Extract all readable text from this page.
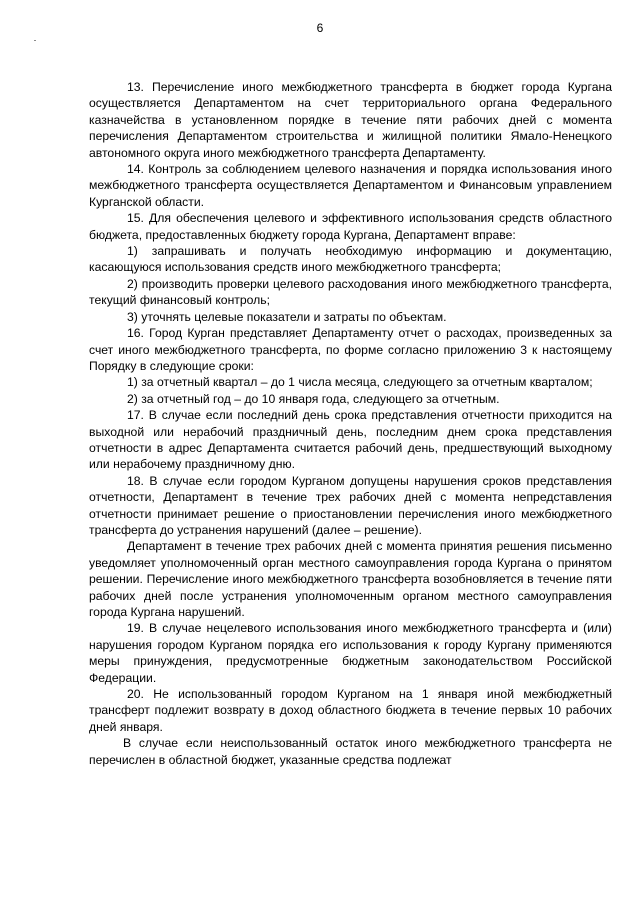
6

13. Перечисление иного межбюджетного трансферта в бюджет города Кургана осуществляется Департаментом на счет территориального органа Федерального казначейства в установленном порядке в течение пяти рабочих дней с момента перечисления Департаментом строительства и жилищной политики Ямало-Ненецкого автономного округа иного межбюджетного трансферта Департаменту.

14. Контроль за соблюдением целевого назначения и порядка использования иного межбюджетного трансферта осуществляется Департаментом и Финансовым управлением Курганской области.

15. Для обеспечения целевого и эффективного использования средств областного бюджета, предоставленных бюджету города Кургана, Департамент вправе:

1) запрашивать и получать необходимую информацию и документацию, касающуюся использования средств иного межбюджетного трансферта;

2) производить проверки целевого расходования иного межбюджетного трансферта, текущий финансовый контроль;

3) уточнять целевые показатели и затраты по объектам.

16. Город Курган представляет Департаменту отчет о расходах, произведенных за счет иного межбюджетного трансферта, по форме согласно приложению 3 к настоящему Порядку в следующие сроки:

1) за отчетный квартал – до 1 числа месяца, следующего за отчетным кварталом;

2) за отчетный год – до 10 января года, следующего за отчетным.

17. В случае если последний день срока представления отчетности приходится на выходной или нерабочий праздничный день, последним днем срока представления отчетности в адрес Департамента считается рабочий день, предшествующий выходному или нерабочему праздничному дню.

18. В случае если городом Курганом допущены нарушения сроков представления отчетности, Департамент в течение трех рабочих дней с момента непредставления отчетности принимает решение о приостановлении перечисления иного межбюджетного трансферта до устранения нарушений (далее – решение).

Департамент в течение трех рабочих дней с момента принятия решения письменно уведомляет уполномоченный орган местного самоуправления города Кургана о принятом решении. Перечисление иного межбюджетного трансферта возобновляется в течение пяти рабочих дней после устранения уполномоченным органом местного самоуправления города Кургана нарушений.

19. В случае нецелевого использования иного межбюджетного трансферта и (или) нарушения городом Курганом порядка его использования к городу Кургану применяются меры принуждения, предусмотренные бюджетным законодательством Российской Федерации.

20. Не использованный городом Курганом на 1 января иной межбюджетный трансферт подлежит возврату в доход областного бюджета в течение первых 10 рабочих дней января.

В случае если неиспользованный остаток иного межбюджетного трансферта не перечислен в областной бюджет, указанные средства подлежат
